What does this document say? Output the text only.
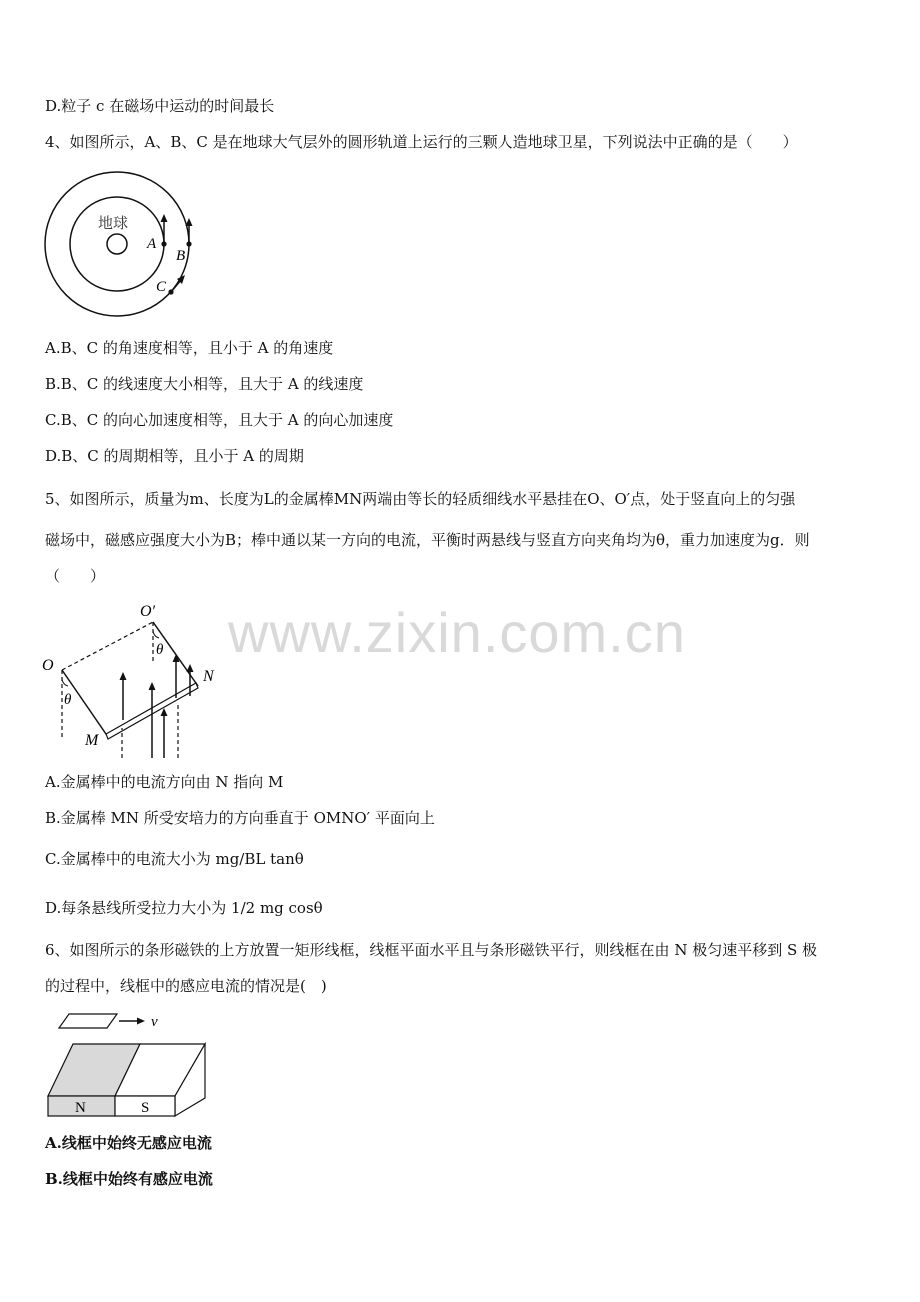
D.粒子 c 在磁场中运动的时间最长
4、如图所示，A、B、C 是在地球大气层外的圆形轨道上运行的三颗人造地球卫星，下列说法中正确的是（　　）
地球
A
B
C
A.B、C 的角速度相等，且小于 A 的角速度
B.B、C 的线速度大小相等，且大于 A 的线速度
C.B、C 的向心加速度相等，且大于 A 的向心加速度
D.B、C 的周期相等，且小于 A 的周期
5、如图所示，质量为m、长度为L的金属棒MN两端由等长的轻质细线水平悬挂在O、O′点，处于竖直向上的匀强
磁场中，磁感应强度大小为B；棒中通以某一方向的电流，平衡时两悬线与竖直方向夹角均为θ，重力加速度为g．则
（　　）
www.zixin.com.cn
O
O′
θ
θ
N
M
A.金属棒中的电流方向由 N 指向 M
B.金属棒 MN 所受安培力的方向垂直于 OMNO′ 平面向上
C.金属棒中的电流大小为 mg/BL tanθ
D.每条悬线所受拉力大小为 1/2 mg cosθ
6、如图所示的条形磁铁的上方放置一矩形线框，线框平面水平且与条形磁铁平行，则线框在由 N 极匀速平移到 S 极
的过程中，线框中的感应电流的情况是(　)
v
N	S
A.线框中始终无感应电流
B.线框中始终有感应电流
